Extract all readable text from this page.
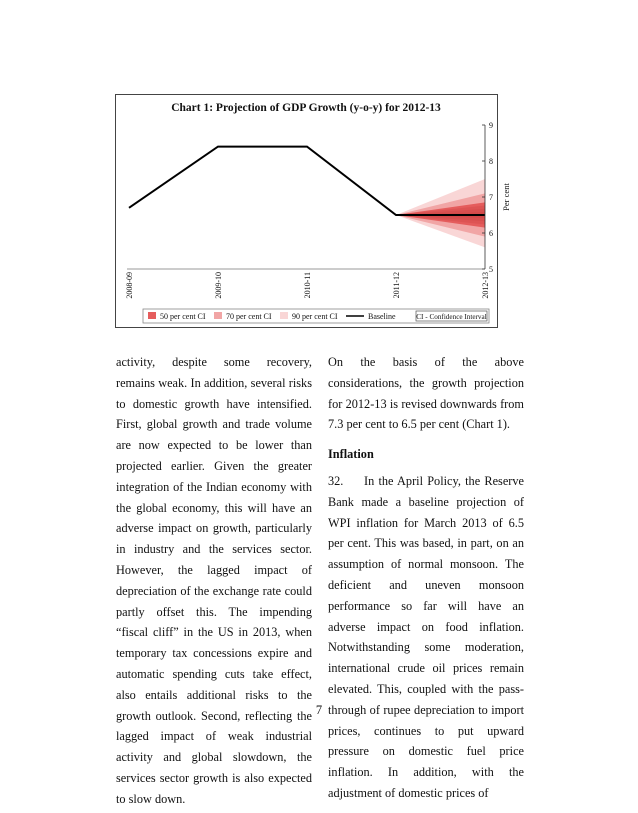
Chart 1: Projection of GDP Growth (y-o-y) for 2012-13
5
6
7
8
9
Per cent
2008-09	2009-10	2010-11	2011-12	2012-13
50 per cent CI	70 per cent CI	90 per cent CI	Baseline	CI - Confidence Interval

activity, despite some recovery, remains weak. In addition, several risks to domestic growth have intensified. First, global growth and trade volume are now expected to be lower than projected earlier. Given the greater integration of the Indian economy with the global economy, this will have an adverse impact on growth, particularly in industry and the services sector. However, the lagged impact of depreciation of the exchange rate could partly offset this. The impending “fiscal cliff” in the US in 2013, when temporary tax concessions expire and automatic spending cuts take effect, also entails additional risks to the growth outlook. Second, reflecting the lagged impact of weak industrial activity and global slowdown, the services sector growth is also expected to slow down.

On the basis of the above considerations, the growth projection for 2012-13 is revised downwards from 7.3 per cent to 6.5 per cent (Chart 1).

Inflation

32. In the April Policy, the Reserve Bank made a baseline projection of WPI inflation for March 2013 of 6.5 per cent. This was based, in part, on an assumption of normal monsoon. The deficient and uneven monsoon performance so far will have an adverse impact on food inflation. Notwithstanding some moderation, international crude oil prices remain elevated. This, coupled with the pass-through of rupee depreciation to import prices, continues to put upward pressure on domestic fuel price inflation. In addition, with the adjustment of domestic prices of

7
